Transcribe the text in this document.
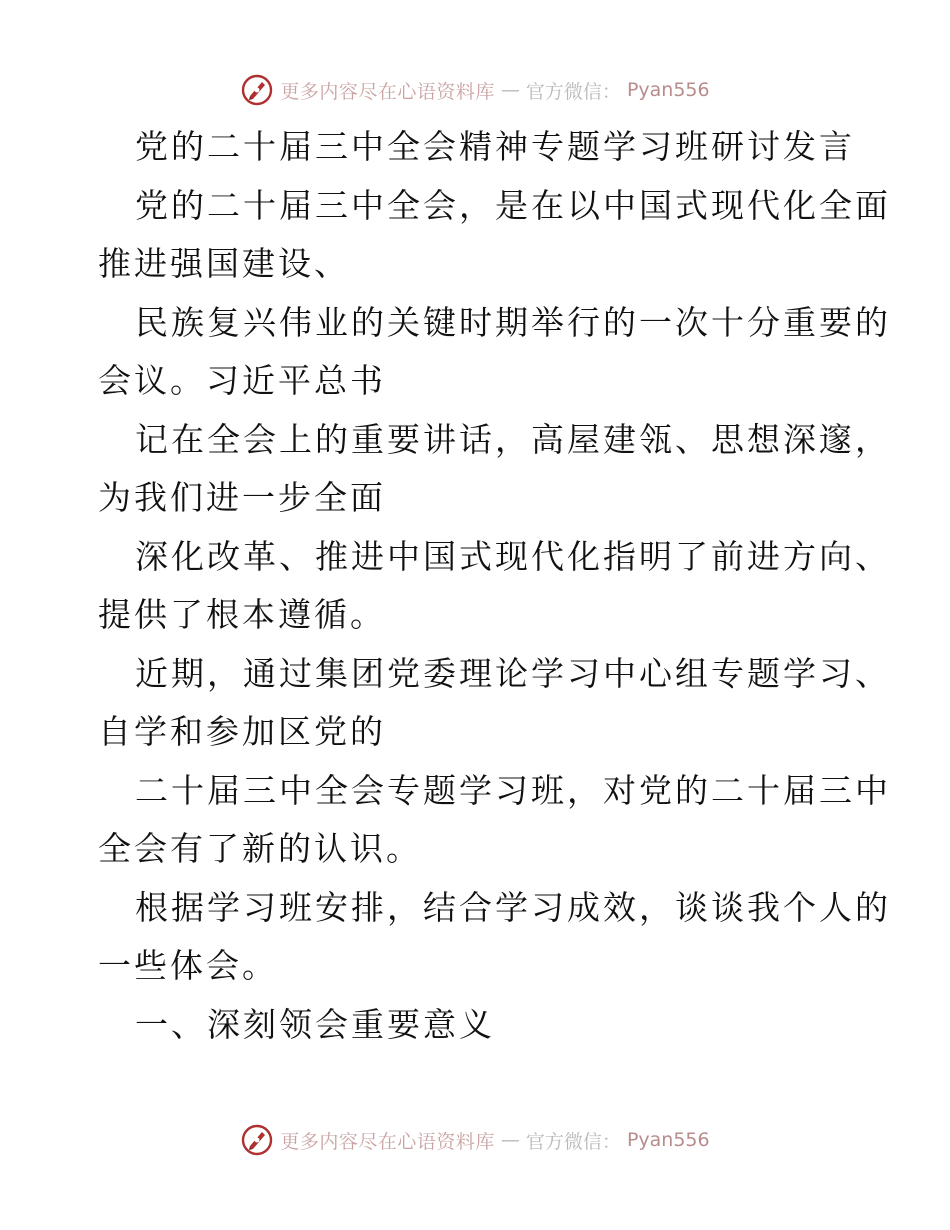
更多内容尽在心语资料库 — 官方微信： Pyan556
党的二十届三中全会精神专题学习班研讨发言
党的二十届三中全会，是在以中国式现代化全面
推进强国建设、
民族复兴伟业的关键时期举行的一次十分重要的
会议。习近平总书
记在全会上的重要讲话，高屋建瓴、思想深邃，
为我们进一步全面
深化改革、推进中国式现代化指明了前进方向、
提供了根本遵循。
近期，通过集团党委理论学习中心组专题学习、
自学和参加区党的
二十届三中全会专题学习班，对党的二十届三中
全会有了新的认识。
根据学习班安排，结合学习成效，谈谈我个人的
一些体会。
一、深刻领会重要意义
更多内容尽在心语资料库 — 官方微信： Pyan556
